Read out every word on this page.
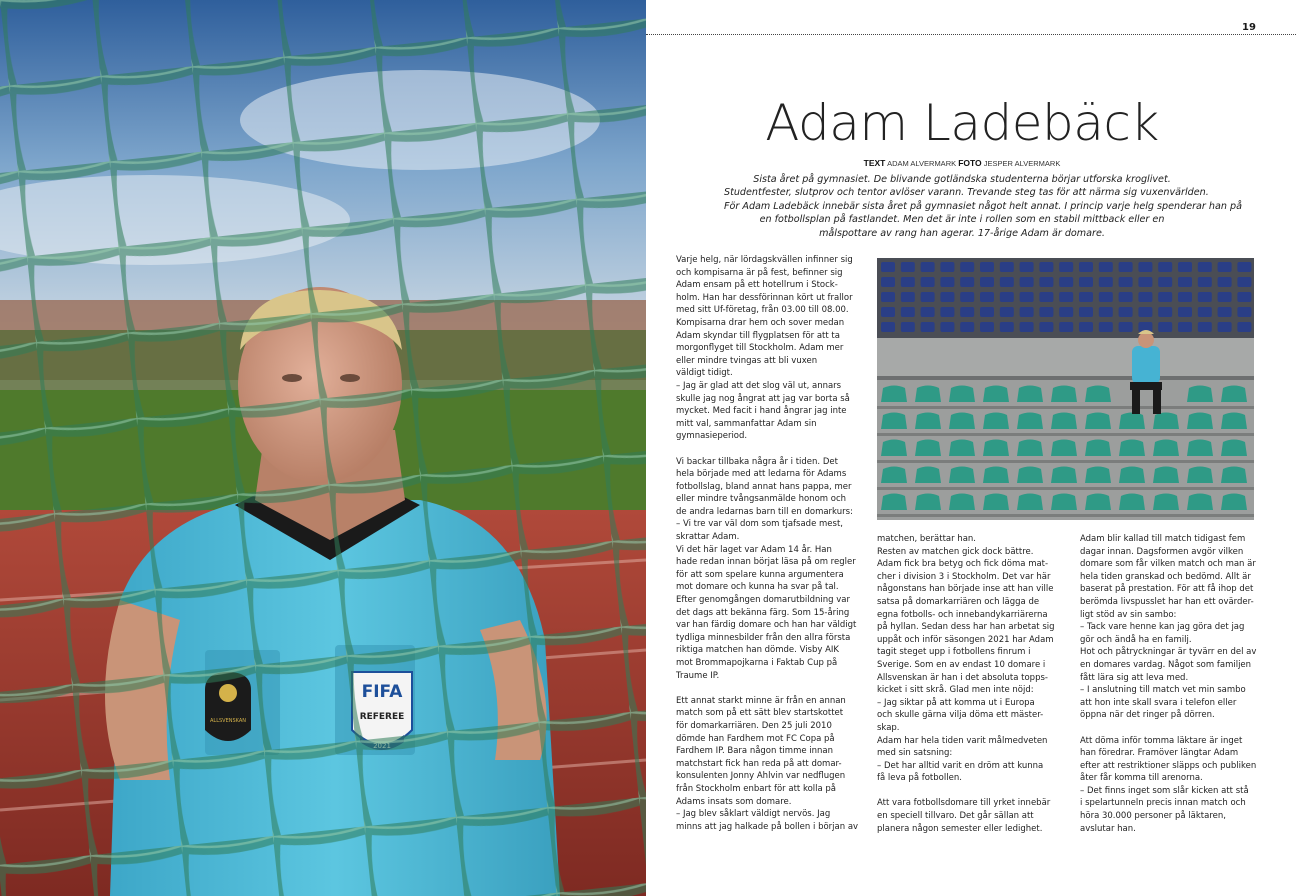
19
Adam Ladebäck
TEXT ADAM ALVERMARK FOTO JESPER ALVERMARK
Sista året på gymnasiet. De blivande gotländska studenterna börjar utforska kroglivet.
Studentfester, slutprov och tentor avlöser varann. Trevande steg tas för att närma sig vuxenvärlden.
För Adam Ladebäck innebär sista året på gymnasiet något helt annat. I princip varje helg spenderar han på
en fotbollsplan på fastlandet. Men det är inte i rollen som en stabil mittback eller en
målspottare av rang han agerar. 17-årige Adam är domare.
Varje helg, när lördagskvällen infinner sig
och kompisarna är på fest, befinner sig
Adam ensam på ett hotellrum i Stock-
holm. Han har dessförinnan kört ut frallor
med sitt Uf-företag, från 03.00 till 08.00.
Kompisarna drar hem och sover medan
Adam skyndar till flygplatsen för att ta
morgonflyget till Stockholm. Adam mer
eller mindre tvingas att bli vuxen
väldigt tidigt.
– Jag är glad att det slog väl ut, annars
skulle jag nog ångrat att jag var borta så
mycket. Med facit i hand ångrar jag inte
mitt val, sammanfattar Adam sin
gymnasieperiod.
Vi backar tillbaka några år i tiden. Det
hela började med att ledarna för Adams
fotbollslag, bland annat hans pappa, mer
eller mindre tvångsanmälde honom och
de andra ledarnas barn till en domarkurs:
– Vi tre var väl dom som tjafsade mest,
skrattar Adam.
Vi det här laget var Adam 14 år. Han
hade redan innan börjat läsa på om regler
för att som spelare kunna argumentera
mot domare och kunna ha svar på tal.
Efter genomgången domarutbildning var
det dags att bekänna färg. Som 15-åring
var han färdig domare och han har väldigt
tydliga minnesbilder från den allra första
riktiga matchen han dömde. Visby AIK
mot Brommapojkarna i Faktab Cup på
Traume IP.
Ett annat starkt minne är från en annan
match som på ett sätt blev startskottet
för domarkarriären. Den 25 juli 2010
dömde han Fardhem mot FC Copa på
Fardhem IP. Bara någon timme innan
matchstart fick han reda på att domar-
konsulenten Jonny Ahlvin var nedflugen
från Stockholm enbart för att kolla på
Adams insats som domare.
– Jag blev såklart väldigt nervös. Jag
minns att jag halkade på bollen i början av
matchen, berättar han.
Resten av matchen gick dock bättre.
Adam fick bra betyg och fick döma mat-
cher i division 3 i Stockholm. Det var här
någonstans han började inse att han ville
satsa på domarkarriären och lägga de
egna fotbolls- och innebandykarriärerna
på hyllan. Sedan dess har han arbetat sig
uppåt och inför säsongen 2021 har Adam
tagit steget upp i fotbollens finrum i
Sverige. Som en av endast 10 domare i
Allsvenskan är han i det absoluta topps-
kicket i sitt skrå. Glad men inte nöjd:
– Jag siktar på att komma ut i Europa
och skulle gärna vilja döma ett mäster-
skap.
Adam har hela tiden varit målmedveten
med sin satsning:
– Det har alltid varit en dröm att kunna
få leva på fotbollen.
Att vara fotbollsdomare till yrket innebär
en speciell tillvaro. Det går sällan att
planera någon semester eller ledighet.
Adam blir kallad till match tidigast fem
dagar innan. Dagsformen avgör vilken
domare som får vilken match och man är
hela tiden granskad och bedömd. Allt är
baserat på prestation. För att få ihop det
berömda livspusslet har han ett ovärder-
ligt stöd av sin sambo:
– Tack vare henne kan jag göra det jag
gör och ändå ha en familj.
Hot och påtryckningar är tyvärr en del av
en domares vardag. Något som familjen
fått lära sig att leva med.
– I anslutning till match vet min sambo
att hon inte skall svara i telefon eller
öppna när det ringer på dörren.
Att döma inför tomma läktare är inget
han föredrar. Framöver längtar Adam
efter att restriktioner släpps och publiken
åter får komma till arenorna.
– Det finns inget som slår kicken att stå
i spelartunneln precis innan match och
höra 30.000 personer på läktaren,
avslutar han.
